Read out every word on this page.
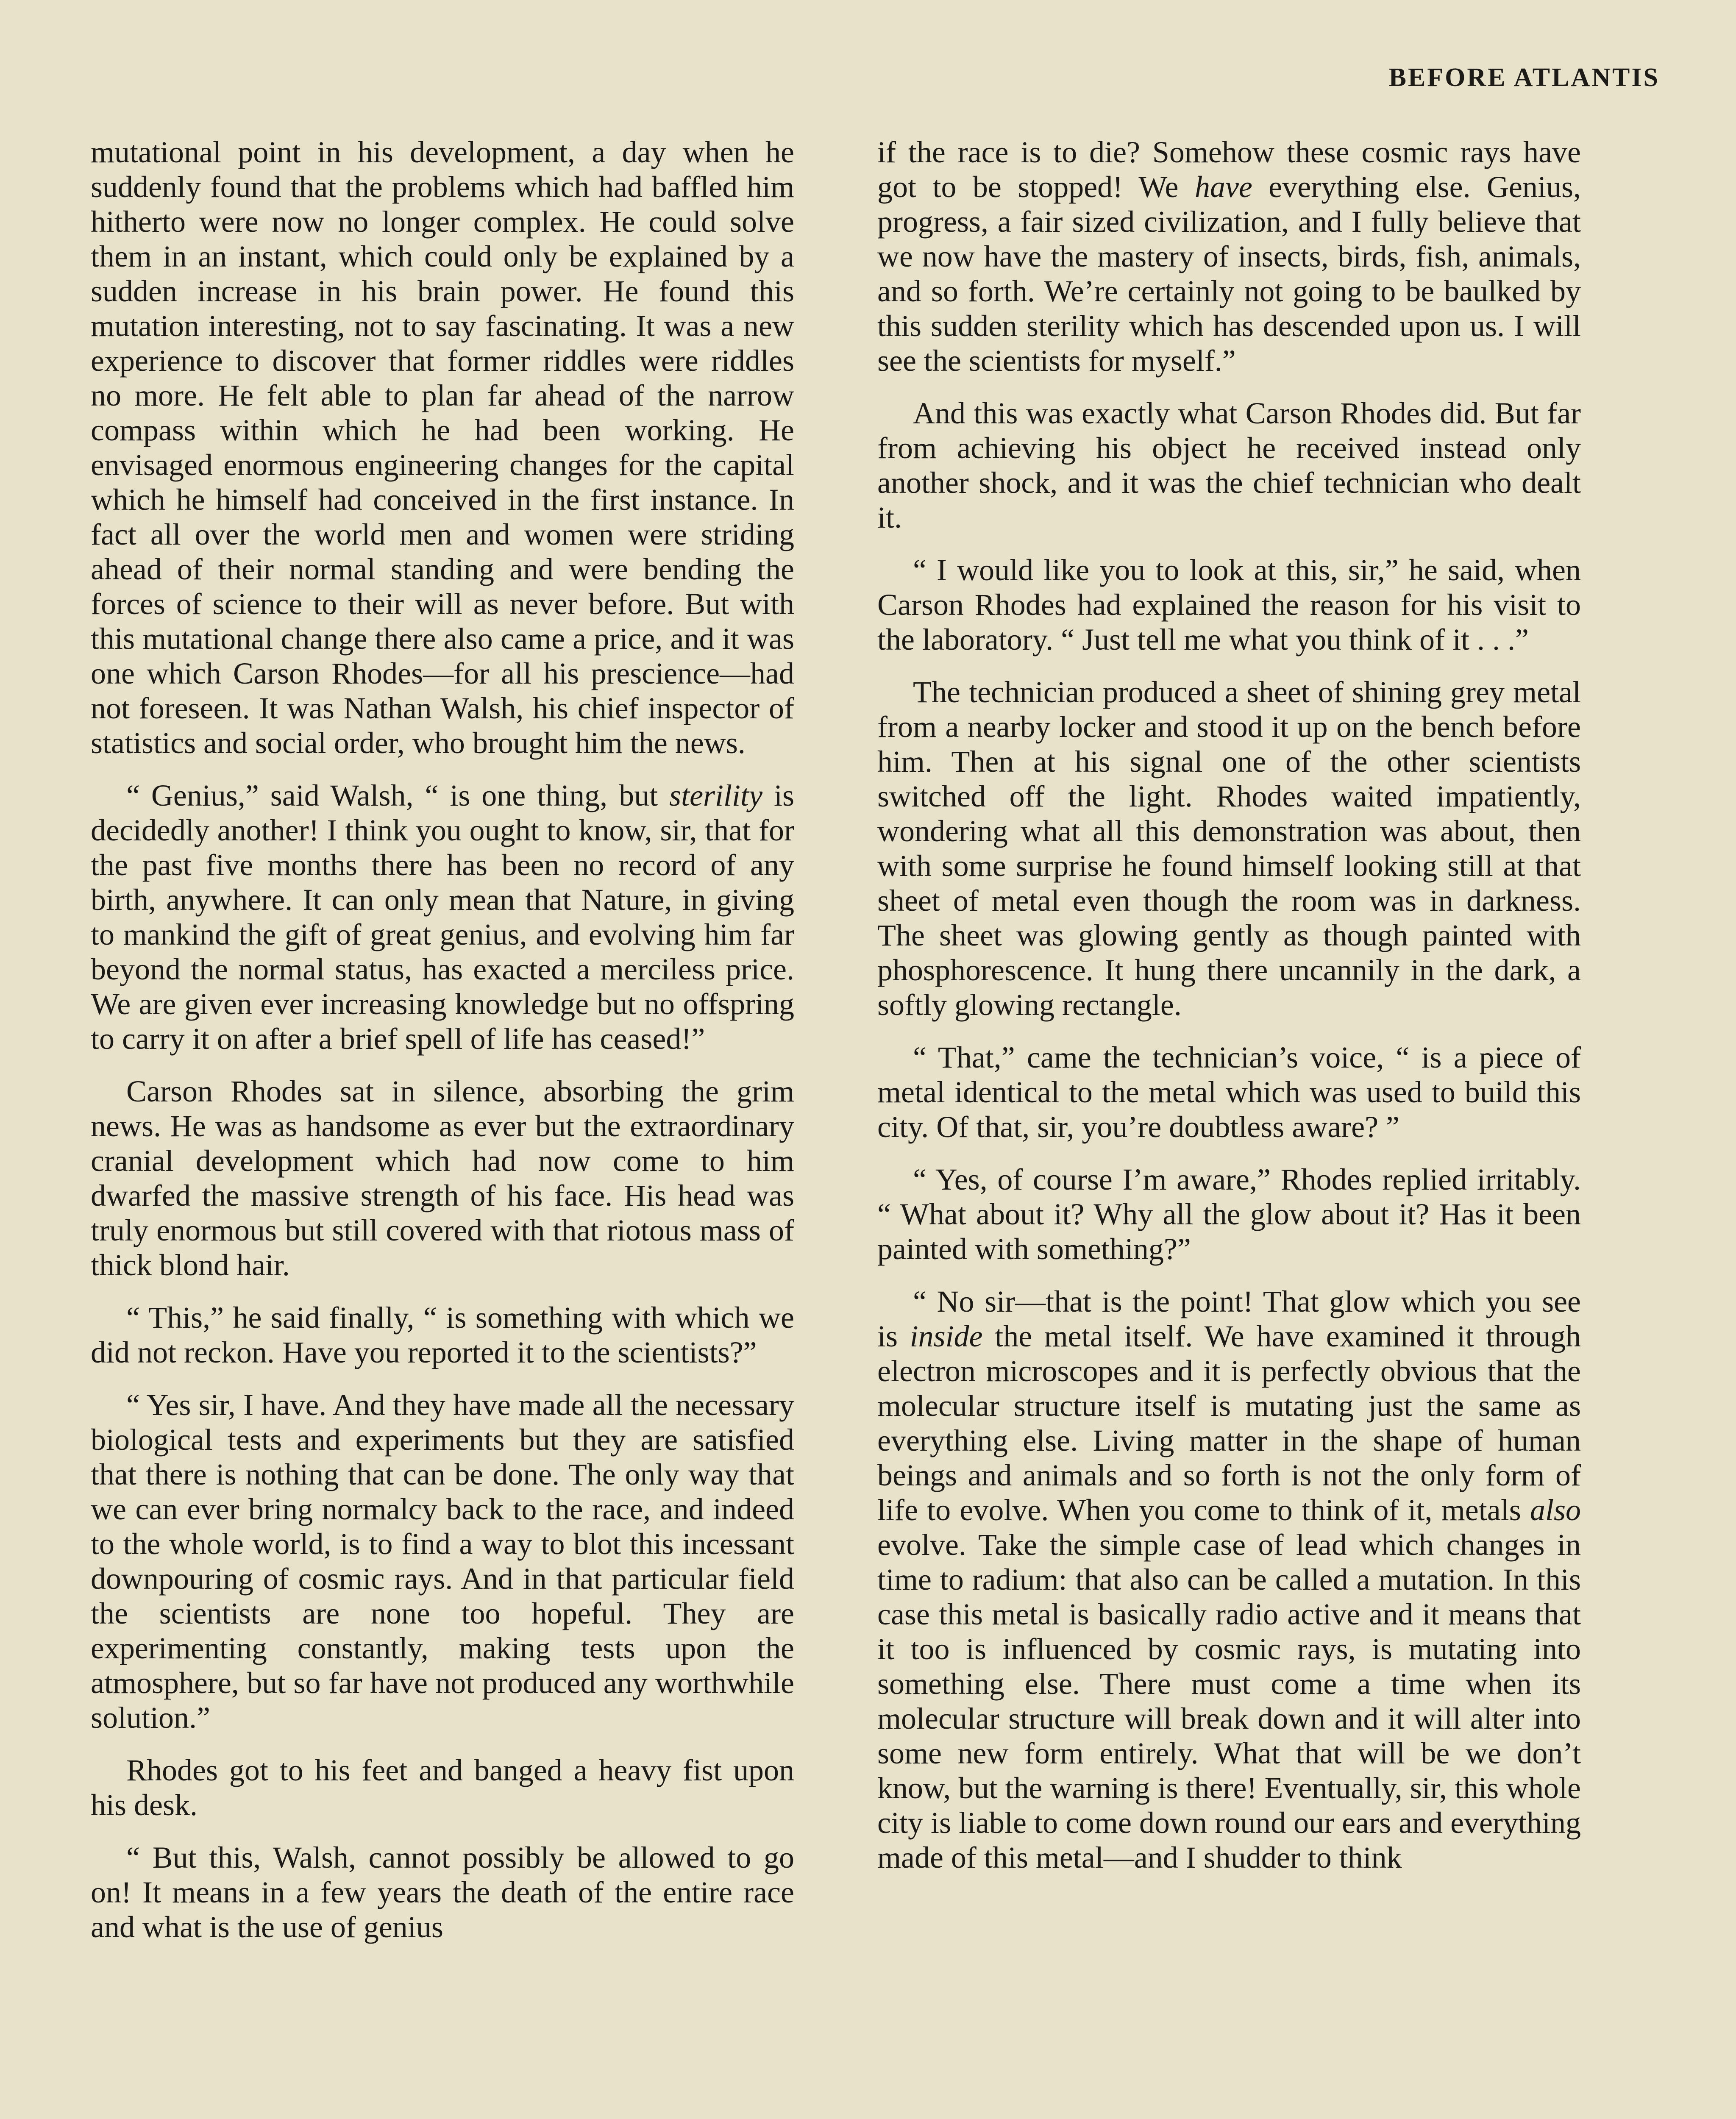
BEFORE ATLANTIS

mutational point in his development, a day when he suddenly found that the problems which had baffled him hitherto were now no longer complex. He could solve them in an instant, which could only be explained by a sudden increase in his brain power. He found this mutation interesting, not to say fascinating. It was a new experience to discover that former riddles were riddles no more. He felt able to plan far ahead of the narrow compass within which he had been working. He envisaged enormous engineering changes for the capital which he himself had conceived in the first instance. In fact all over the world men and women were striding ahead of their normal standing and were bending the forces of science to their will as never before. But with this mutational change there also came a price, and it was one which Carson Rhodes—for all his prescience—had not foreseen. It was Nathan Walsh, his chief inspector of statistics and social order, who brought him the news.

“ Genius,” said Walsh, “ is one thing, but sterility is decidedly another! I think you ought to know, sir, that for the past five months there has been no record of any birth, anywhere. It can only mean that Nature, in giving to mankind the gift of great genius, and evolving him far beyond the normal status, has exacted a merciless price. We are given ever increasing knowledge but no offspring to carry it on after a brief spell of life has ceased!”

Carson Rhodes sat in silence, absorbing the grim news. He was as handsome as ever but the extraordinary cranial development which had now come to him dwarfed the massive strength of his face. His head was truly enormous but still covered with that riotous mass of thick blond hair.

“ This,” he said finally, “ is something with which we did not reckon. Have you reported it to the scientists?”

“ Yes sir, I have. And they have made all the necessary biological tests and experiments but they are satisfied that there is nothing that can be done. The only way that we can ever bring normalcy back to the race, and indeed to the whole world, is to find a way to blot this incessant downpouring of cosmic rays. And in that particular field the scientists are none too hopeful. They are experimenting constantly, making tests upon the atmosphere, but so far have not produced any worthwhile solution.”

Rhodes got to his feet and banged a heavy fist upon his desk.

“ But this, Walsh, cannot possibly be allowed to go on! It means in a few years the death of the entire race and what is the use of genius

if the race is to die? Somehow these cosmic rays have got to be stopped! We have everything else. Genius, progress, a fair sized civilization, and I fully believe that we now have the mastery of insects, birds, fish, animals, and so forth. We’re certainly not going to be baulked by this sudden sterility which has descended upon us. I will see the scientists for myself.”

And this was exactly what Carson Rhodes did. But far from achieving his object he received instead only another shock, and it was the chief technician who dealt it.

“ I would like you to look at this, sir,” he said, when Carson Rhodes had explained the reason for his visit to the laboratory. “ Just tell me what you think of it . . .”

The technician produced a sheet of shining grey metal from a nearby locker and stood it up on the bench before him. Then at his signal one of the other scientists switched off the light. Rhodes waited impatiently, wondering what all this demonstration was about, then with some surprise he found himself looking still at that sheet of metal even though the room was in darkness. The sheet was glowing gently as though painted with phosphorescence. It hung there uncannily in the dark, a softly glowing rectangle.

“ That,” came the technician’s voice, “ is a piece of metal identical to the metal which was used to build this city. Of that, sir, you’re doubtless aware? ”

“ Yes, of course I’m aware,” Rhodes replied irritably. “ What about it? Why all the glow about it? Has it been painted with something?”

“ No sir—that is the point! That glow which you see is inside the metal itself. We have examined it through electron microscopes and it is perfectly obvious that the molecular structure itself is mutating just the same as everything else. Living matter in the shape of human beings and animals and so forth is not the only form of life to evolve. When you come to think of it, metals also evolve. Take the simple case of lead which changes in time to radium: that also can be called a mutation. In this case this metal is basically radio active and it means that it too is influenced by cosmic rays, is mutating into something else. There must come a time when its molecular structure will break down and it will alter into some new form entirely. What that will be we don’t know, but the warning is there! Eventually, sir, this whole city is liable to come down round our ears and everything made of this metal—and I shudder to think
